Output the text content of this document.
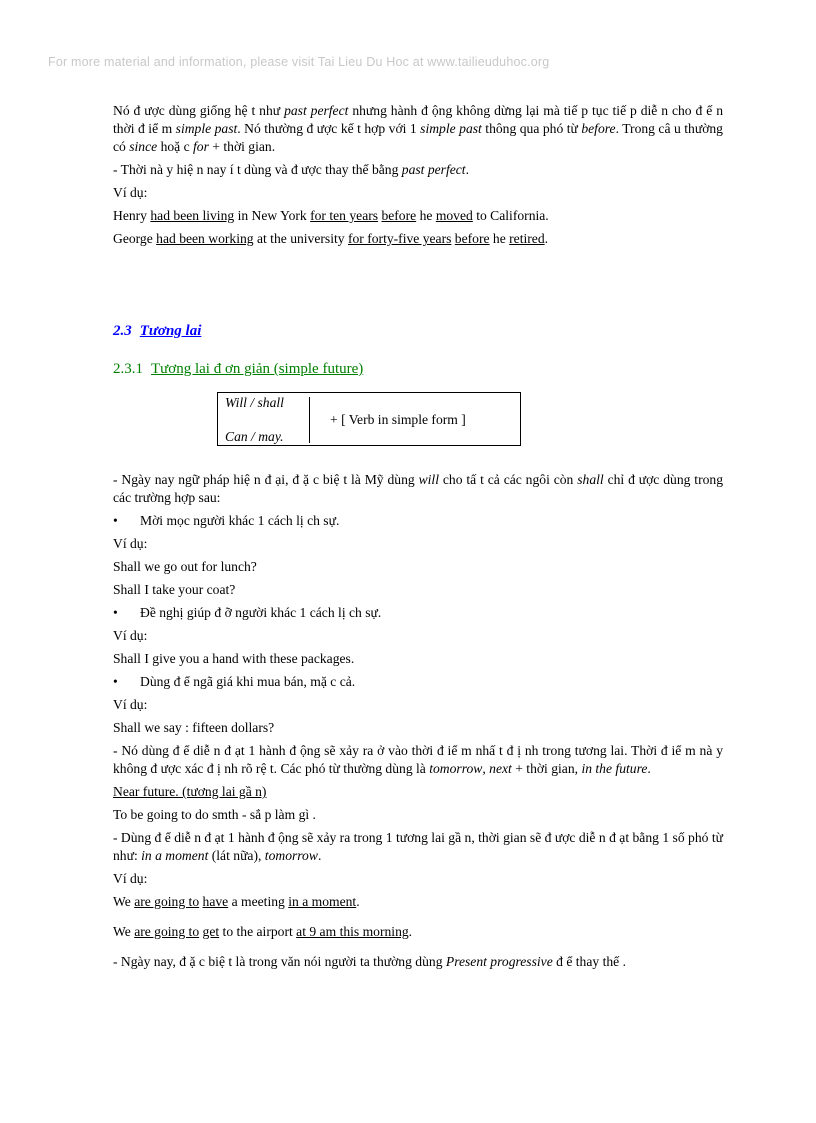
For more material and information, please visit Tai Lieu Du Hoc at www.tailieuduhoc.org

Nó đ ược dùng giống hệ t như past perfect nhưng hành đ ộng không dừng lại mà tiế p tục tiế p diễ n cho đ ế n thời đ iể m simple past. Nó thường đ ược kế t hợp với 1 simple past thông qua phó từ before. Trong câ u thường có since hoặ c for + thời gian.

- Thời nà y hiệ n nay í t dùng và đ ược thay thế bằng past perfect.

Ví dụ:

Henry had been living in New York for ten years before he moved to California.

George had been working at the university for forty-five years before he retired.

2.3 Tương lai

2.3.1 Tương lai đ ơn giản (simple future)

Will / shall
Can / may.
+ [ Verb in simple form ]

- Ngày nay ngữ pháp hiệ n đ ại, đ ặ c biệ t là Mỹ dùng will cho tấ t cả các ngôi còn shall chỉ đ ược dùng trong các trường hợp sau:

•	Mời mọc người khác 1 cách lị ch sự.

Ví dụ:

Shall we go out for lunch?

Shall I take your coat?

•	Đề nghị giúp đ ỡ người khác 1 cách lị ch sự.

Ví dụ:

Shall I give you a hand with these packages.

•	Dùng đ ể ngã giá khi mua bán, mặ c cả.

Ví dụ:

Shall we say : fifteen dollars?

- Nó dùng đ ể diễ n đ ạt 1 hành đ ộng sẽ xảy ra ở vào thời đ iể m nhấ t đ ị nh trong tương lai. Thời đ iể m nà y không đ ược xác đ ị nh rõ rệ t. Các phó từ thường dùng là tomorrow, next + thời gian, in the future.

Near future. (tương lai gầ n)

To be going to do smth - sắ p làm gì .

- Dùng đ ể diễ n đ ạt 1 hành đ ộng sẽ xảy ra trong 1 tương lai gầ n, thời gian sẽ đ ược diễ n đ ạt bằng 1 số phó từ như: in a moment (lát nữa), tomorrow.

Ví dụ:

We are going to have a meeting in a moment.

We are going to get to the airport at 9 am this morning.

- Ngày nay, đ ặ c biệ t là trong văn nói người ta thường dùng Present progressive đ ể thay thế .
